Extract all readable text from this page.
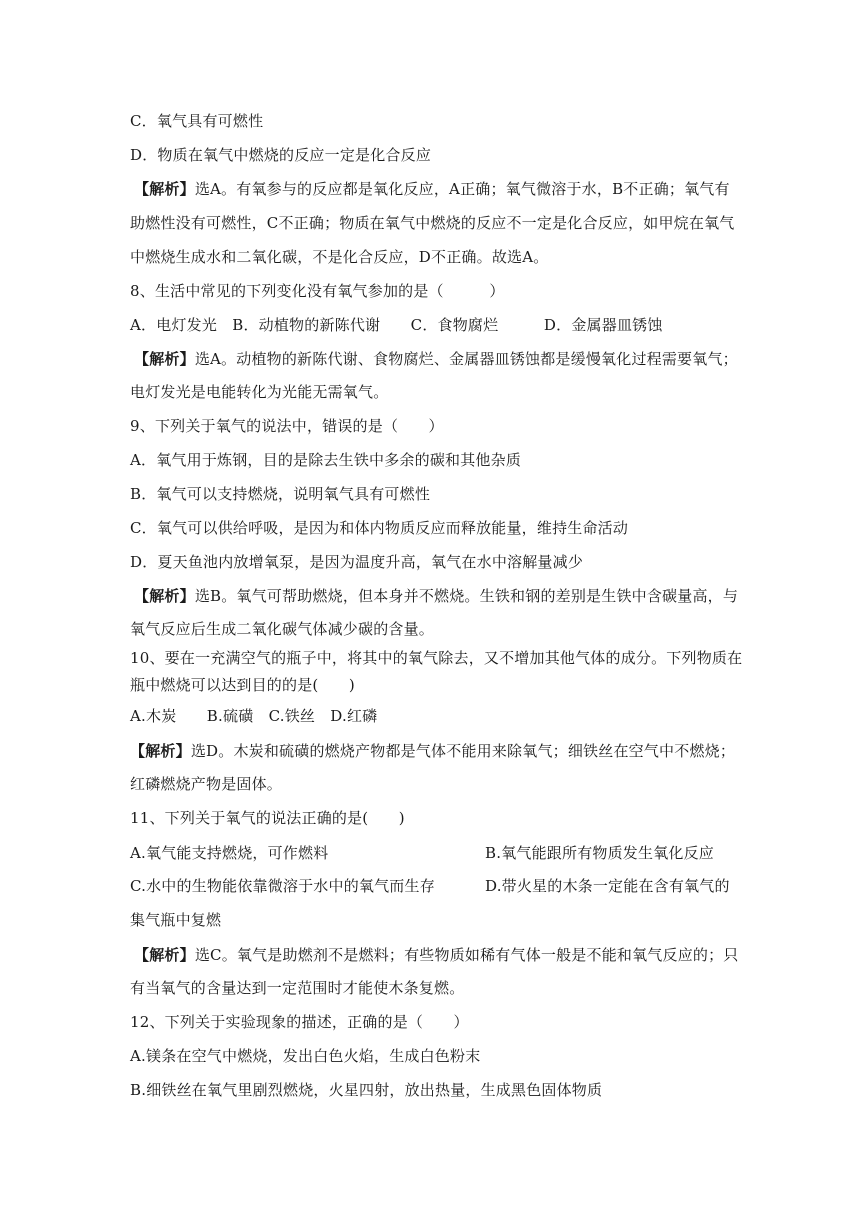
C．氧气具有可燃性
D．物质在氧气中燃烧的反应一定是化合反应
【解析】选A。有氧参与的反应都是氧化反应，A正确；氧气微溶于水，B不正确；氧气有
助燃性没有可燃性，C不正确；物质在氧气中燃烧的反应不一定是化合反应，如甲烷在氧气
中燃烧生成水和二氧化碳，不是化合反应，D不正确。故选A。
8、生活中常见的下列变化没有氧气参加的是（　　　）
A．电灯发光　B．动植物的新陈代谢　　C．食物腐烂　　　D．金属器皿锈蚀
【解析】选A。动植物的新陈代谢、食物腐烂、金属器皿锈蚀都是缓慢氧化过程需要氧气；
电灯发光是电能转化为光能无需氧气。
9、下列关于氧气的说法中，错误的是（　　）
A．氧气用于炼钢，目的是除去生铁中多余的碳和其他杂质
B．氧气可以支持燃烧，说明氧气具有可燃性
C．氧气可以供给呼吸，是因为和体内物质反应而释放能量，维持生命活动
D．夏天鱼池内放增氧泵，是因为温度升高，氧气在水中溶解量减少
【解析】选B。氧气可帮助燃烧，但本身并不燃烧。生铁和钢的差别是生铁中含碳量高，与
氧气反应后生成二氧化碳气体减少碳的含量。
10、要在一充满空气的瓶子中，将其中的氧气除去，又不增加其他气体的成分。下列物质在
瓶中燃烧可以达到目的的是(　　)
A.木炭　　B.硫磺　C.铁丝　D.红磷
【解析】选D。木炭和硫磺的燃烧产物都是气体不能用来除氧气；细铁丝在空气中不燃烧；
红磷燃烧产物是固体。
11、下列关于氧气的说法正确的是(　　)
A.氧气能支持燃烧，可作燃料	B.氧气能跟所有物质发生氧化反应
C.水中的生物能依靠微溶于水中的氧气而生存	D.带火星的木条一定能在含有氧气的
集气瓶中复燃
【解析】选C。氧气是助燃剂不是燃料；有些物质如稀有气体一般是不能和氧气反应的；只
有当氧气的含量达到一定范围时才能使木条复燃。
12、下列关于实验现象的描述，正确的是（　　）
A.镁条在空气中燃烧，发出白色火焰，生成白色粉末
B.细铁丝在氧气里剧烈燃烧，火星四射，放出热量，生成黑色固体物质
